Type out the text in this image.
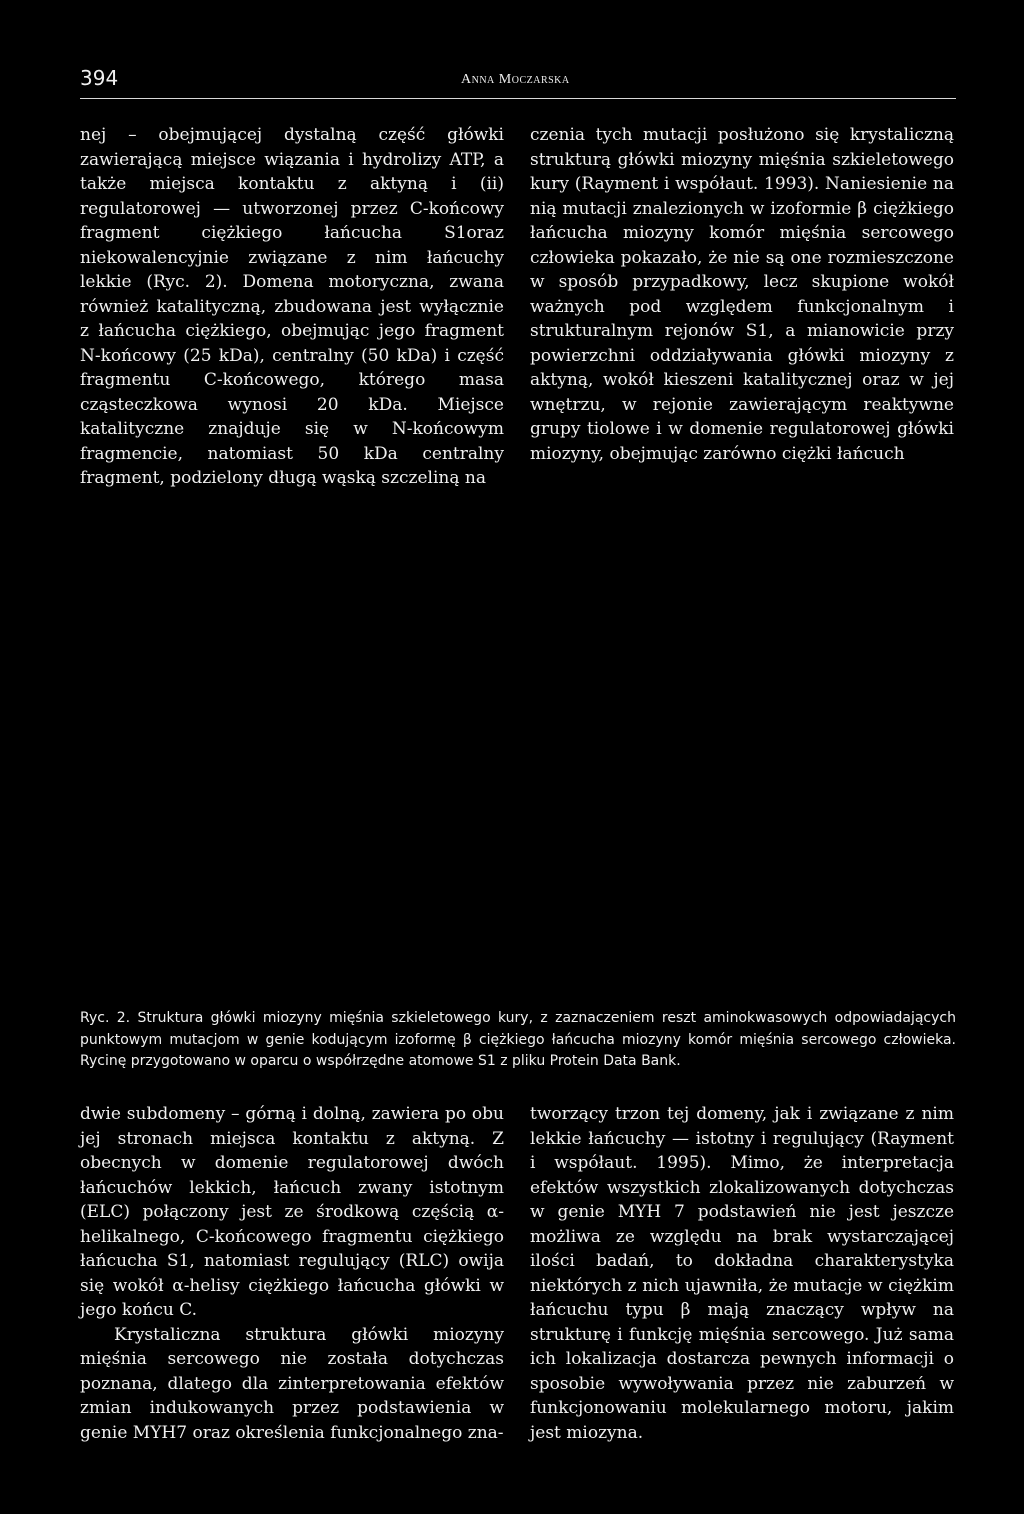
394	Anna Moczarska

nej – obejmującej dystalną część główki zawierającą miejsce wiązania i hydrolizy ATP, a także miejsca kontaktu z aktyną i (ii) regulatorowej — utworzonej przez C-końcowy fragment ciężkiego łańcucha S1oraz niekowalencyjnie związane z nim łańcuchy lekkie (Ryc. 2). Domena motoryczna, zwana również katalityczną, zbudowana jest wyłącznie z łańcucha ciężkiego, obejmując jego fragment N-końcowy (25 kDa), centralny (50 kDa) i część fragmentu C-końcowego, którego masa cząsteczkowa wynosi 20 kDa. Miejsce katalityczne znajduje się w N-końcowym fragmencie, natomiast 50 kDa centralny fragment, podzielony długą wąską szczeliną na

czenia tych mutacji posłużono się krystaliczną strukturą główki miozyny mięśnia szkieletowego kury (Rayment i współaut. 1993). Naniesienie na nią mutacji znalezionych w izoformie β ciężkiego łańcucha miozyny komór mięśnia sercowego człowieka pokazało, że nie są one rozmieszczone w sposób przypadkowy, lecz skupione wokół ważnych pod względem funkcjonalnym i strukturalnym rejonów S1, a mianowicie przy powierzchni oddziaływania główki miozyny z aktyną, wokół kieszeni katalitycznej oraz w jej wnętrzu, w rejonie zawierającym reaktywne grupy tiolowe i w domenie regulatorowej główki miozyny, obejmując zarówno ciężki łańcuch

Ryc. 2. Struktura główki miozyny mięśnia szkieletowego kury, z zaznaczeniem reszt aminokwasowych odpowiadających punktowym mutacjom w genie kodującym izoformę β ciężkiego łańcucha miozyny komór mięśnia sercowego człowieka. Rycinę przygotowano w oparcu o współrzędne atomowe S1 z pliku Protein Data Bank.

dwie subdomeny – górną i dolną, zawiera po obu jej stronach miejsca kontaktu z aktyną. Z obecnych w domenie regulatorowej dwóch łańcuchów lekkich, łańcuch zwany istotnym (ELC) połączony jest ze środkową częścią α-helikalnego, C-końcowego fragmentu ciężkiego łańcucha S1, natomiast regulujący (RLC) owija się wokół α-helisy ciężkiego łańcucha główki w jego końcu C.

Krystaliczna struktura główki miozyny mięśnia sercowego nie została dotychczas poznana, dlatego dla zinterpretowania efektów zmian indukowanych przez podstawienia w genie MYH7 oraz określenia funkcjonalnego zna-

tworzący trzon tej domeny, jak i związane z nim lekkie łańcuchy — istotny i regulujący (Rayment i współaut. 1995). Mimo, że interpretacja efektów wszystkich zlokalizowanych dotychczas w genie MYH 7 podstawień nie jest jeszcze możliwa ze względu na brak wystarczającej ilości badań, to dokładna charakterystyka niektórych z nich ujawniła, że mutacje w ciężkim łańcuchu typu β mają znaczący wpływ na strukturę i funkcję mięśnia sercowego. Już sama ich lokalizacja dostarcza pewnych informacji o sposobie wywoływania przez nie zaburzeń w funkcjonowaniu molekularnego motoru, jakim jest miozyna.
